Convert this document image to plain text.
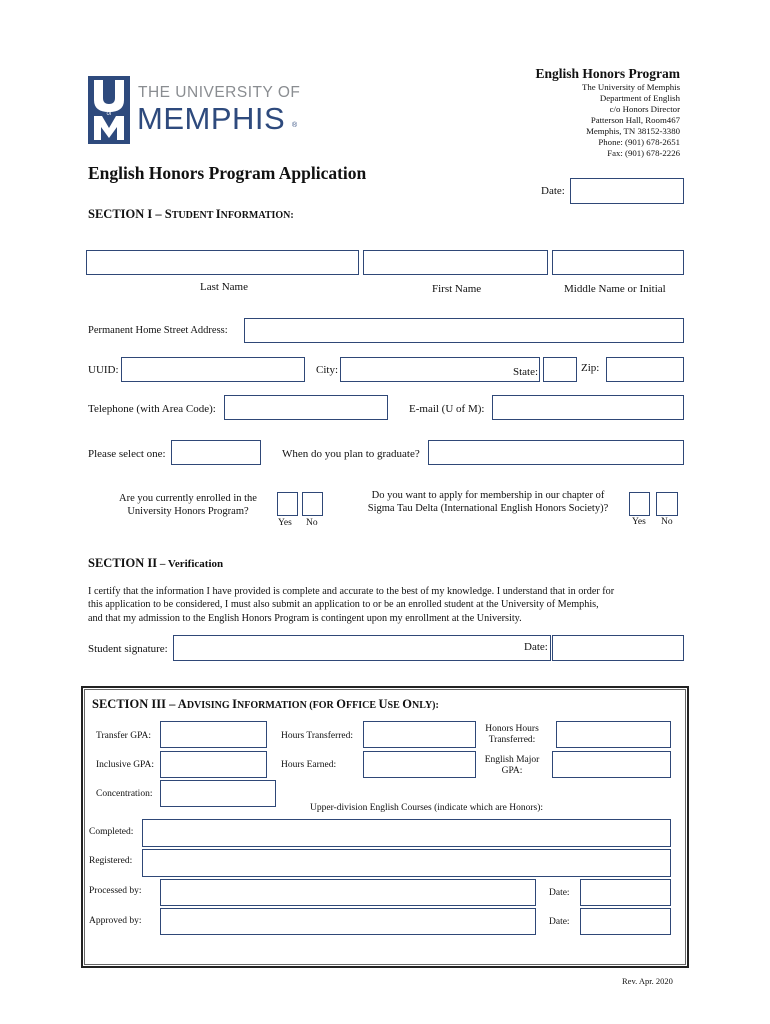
of
THE UNIVERSITY OF
MEMPHIS ®
English Honors Program
The University of Memphis
Department of English
c/o Honors Director
Patterson Hall, Room467
Memphis, TN 38152-3380
Phone: (901) 678-2651
Fax: (901) 678-2226
English Honors Program Application
Date:
SECTION I – STUDENT INFORMATION:
Last Name	First Name	Middle Name or Initial
Permanent Home Street Address:
UUID:	City:	State:	Zip:
Telephone (with Area Code):	E-mail (U of M):
Please select one:	When do you plan to graduate?
Are you currently enrolled in the
University Honors Program?
Yes No
Do you want to apply for membership in our chapter of
Sigma Tau Delta (International English Honors Society)?
Yes No
SECTION II – Verification
I certify that the information I have provided is complete and accurate to the best of my knowledge. I understand that in order for
this application to be considered, I must also submit an application to or be an enrolled student at the University of Memphis,
and that my admission to the English Honors Program is contingent upon my enrollment at the University.
Student signature:	Date:
SECTION III – ADVISING INFORMATION (FOR OFFICE USE ONLY):
Transfer GPA:	Hours Transferred:
Honors Hours
Transferred:
Inclusive GPA:	Hours Earned:	English Major
GPA:
Concentration:
Upper-division English Courses (indicate which are Honors):
Completed:
Registered:
Processed by:	Date:
Approved by:	Date:
Rev. Apr. 2020
